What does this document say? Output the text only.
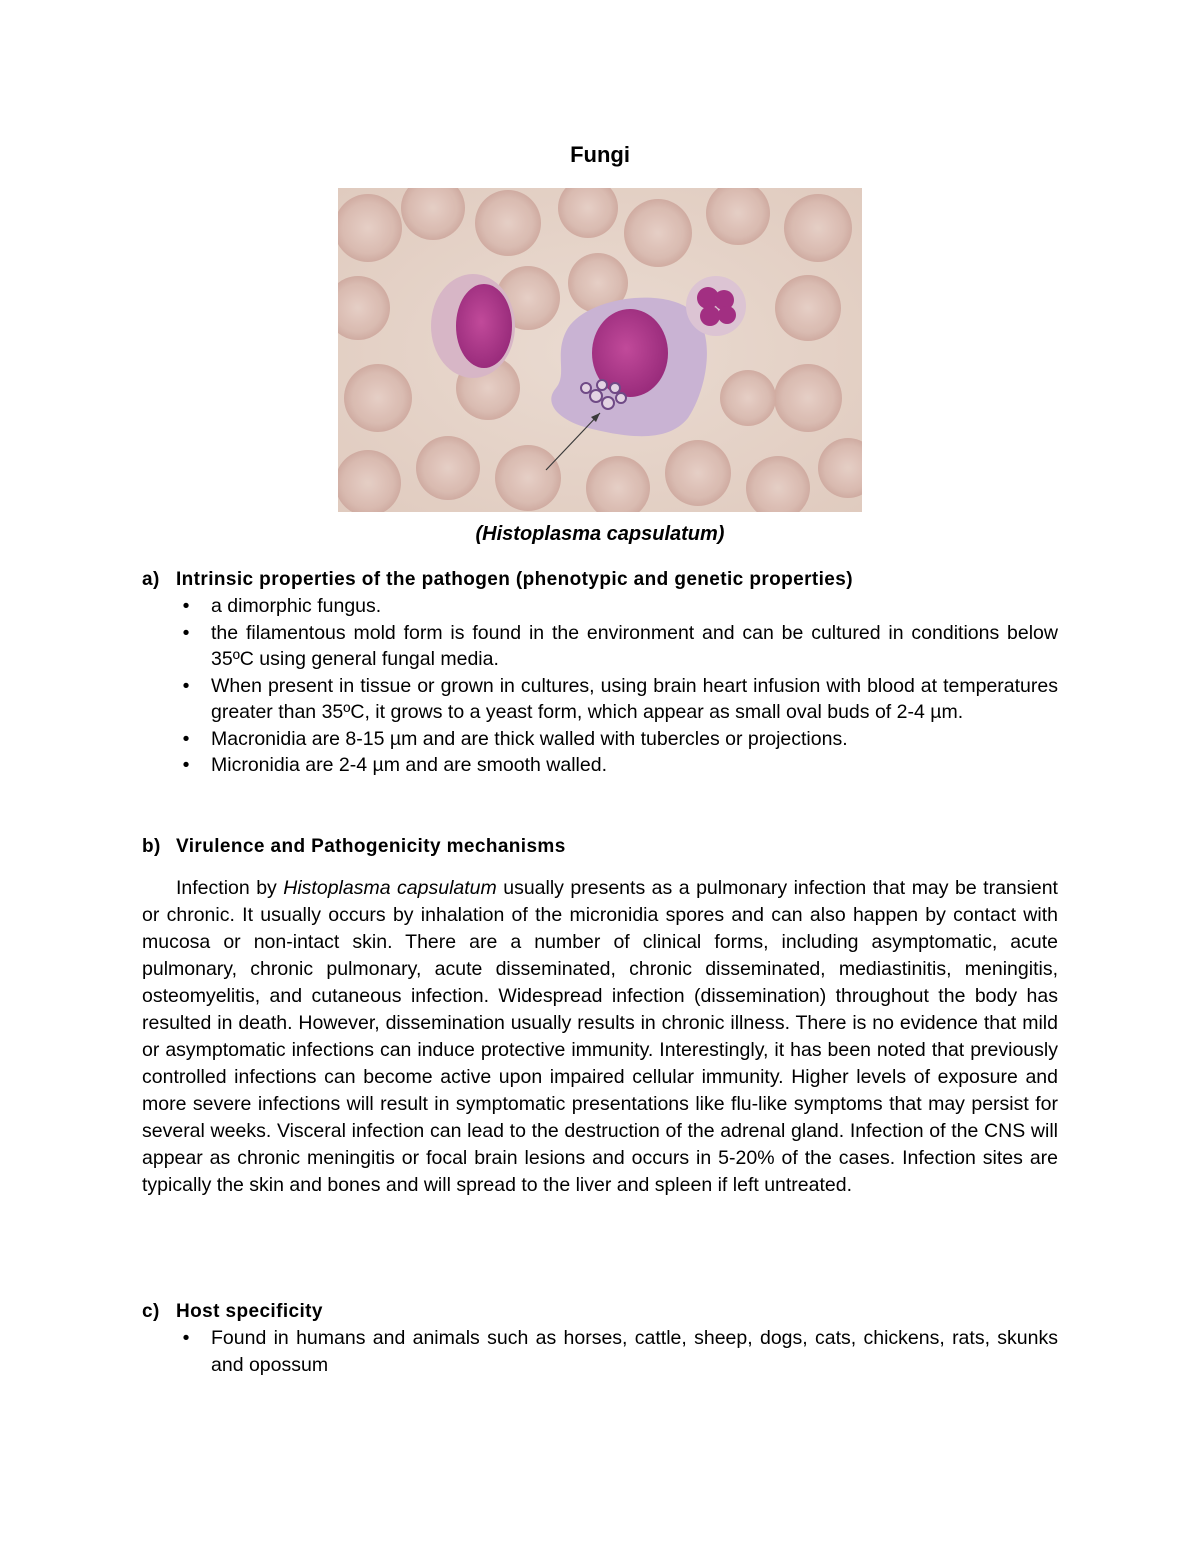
Fungi
(Histoplasma capsulatum)
a) Intrinsic properties of the pathogen (phenotypic and genetic properties)
•	a dimorphic fungus.
•	the filamentous mold form is found in the environment and can be cultured in conditions below 35ºC using general fungal media.
•	When present in tissue or grown in cultures, using brain heart infusion with blood at temperatures greater than 35ºC, it grows to a yeast form, which appear as small oval buds of 2-4 µm.
•	Macronidia are 8-15 µm and are thick walled with tubercles or projections.
•	Micronidia are 2-4 µm and are smooth walled.
b) Virulence and Pathogenicity mechanisms

Infection by Histoplasma capsulatum usually presents as a pulmonary infection that may be transient or chronic. It usually occurs by inhalation of the micronidia spores and can also happen by contact with mucosa or non-intact skin. There are a number of clinical forms, including asymptomatic, acute pulmonary, chronic pulmonary, acute disseminated, chronic disseminated, mediastinitis, meningitis, osteomyelitis, and cutaneous infection. Widespread infection (dissemination) throughout the body has resulted in death. However, dissemination usually results in chronic illness. There is no evidence that mild or asymptomatic infections can induce protective immunity. Interestingly, it has been noted that previously controlled infections can become active upon impaired cellular immunity. Higher levels of exposure and more severe infections will result in symptomatic presentations like flu-like symptoms that may persist for several weeks. Visceral infection can lead to the destruction of the adrenal gland. Infection of the CNS will appear as chronic meningitis or focal brain lesions and occurs in 5-20% of the cases. Infection sites are typically the skin and bones and will spread to the liver and spleen if left untreated.

c) Host specificity
•	Found in humans and animals such as horses, cattle, sheep, dogs, cats, chickens, rats, skunks and opossum
